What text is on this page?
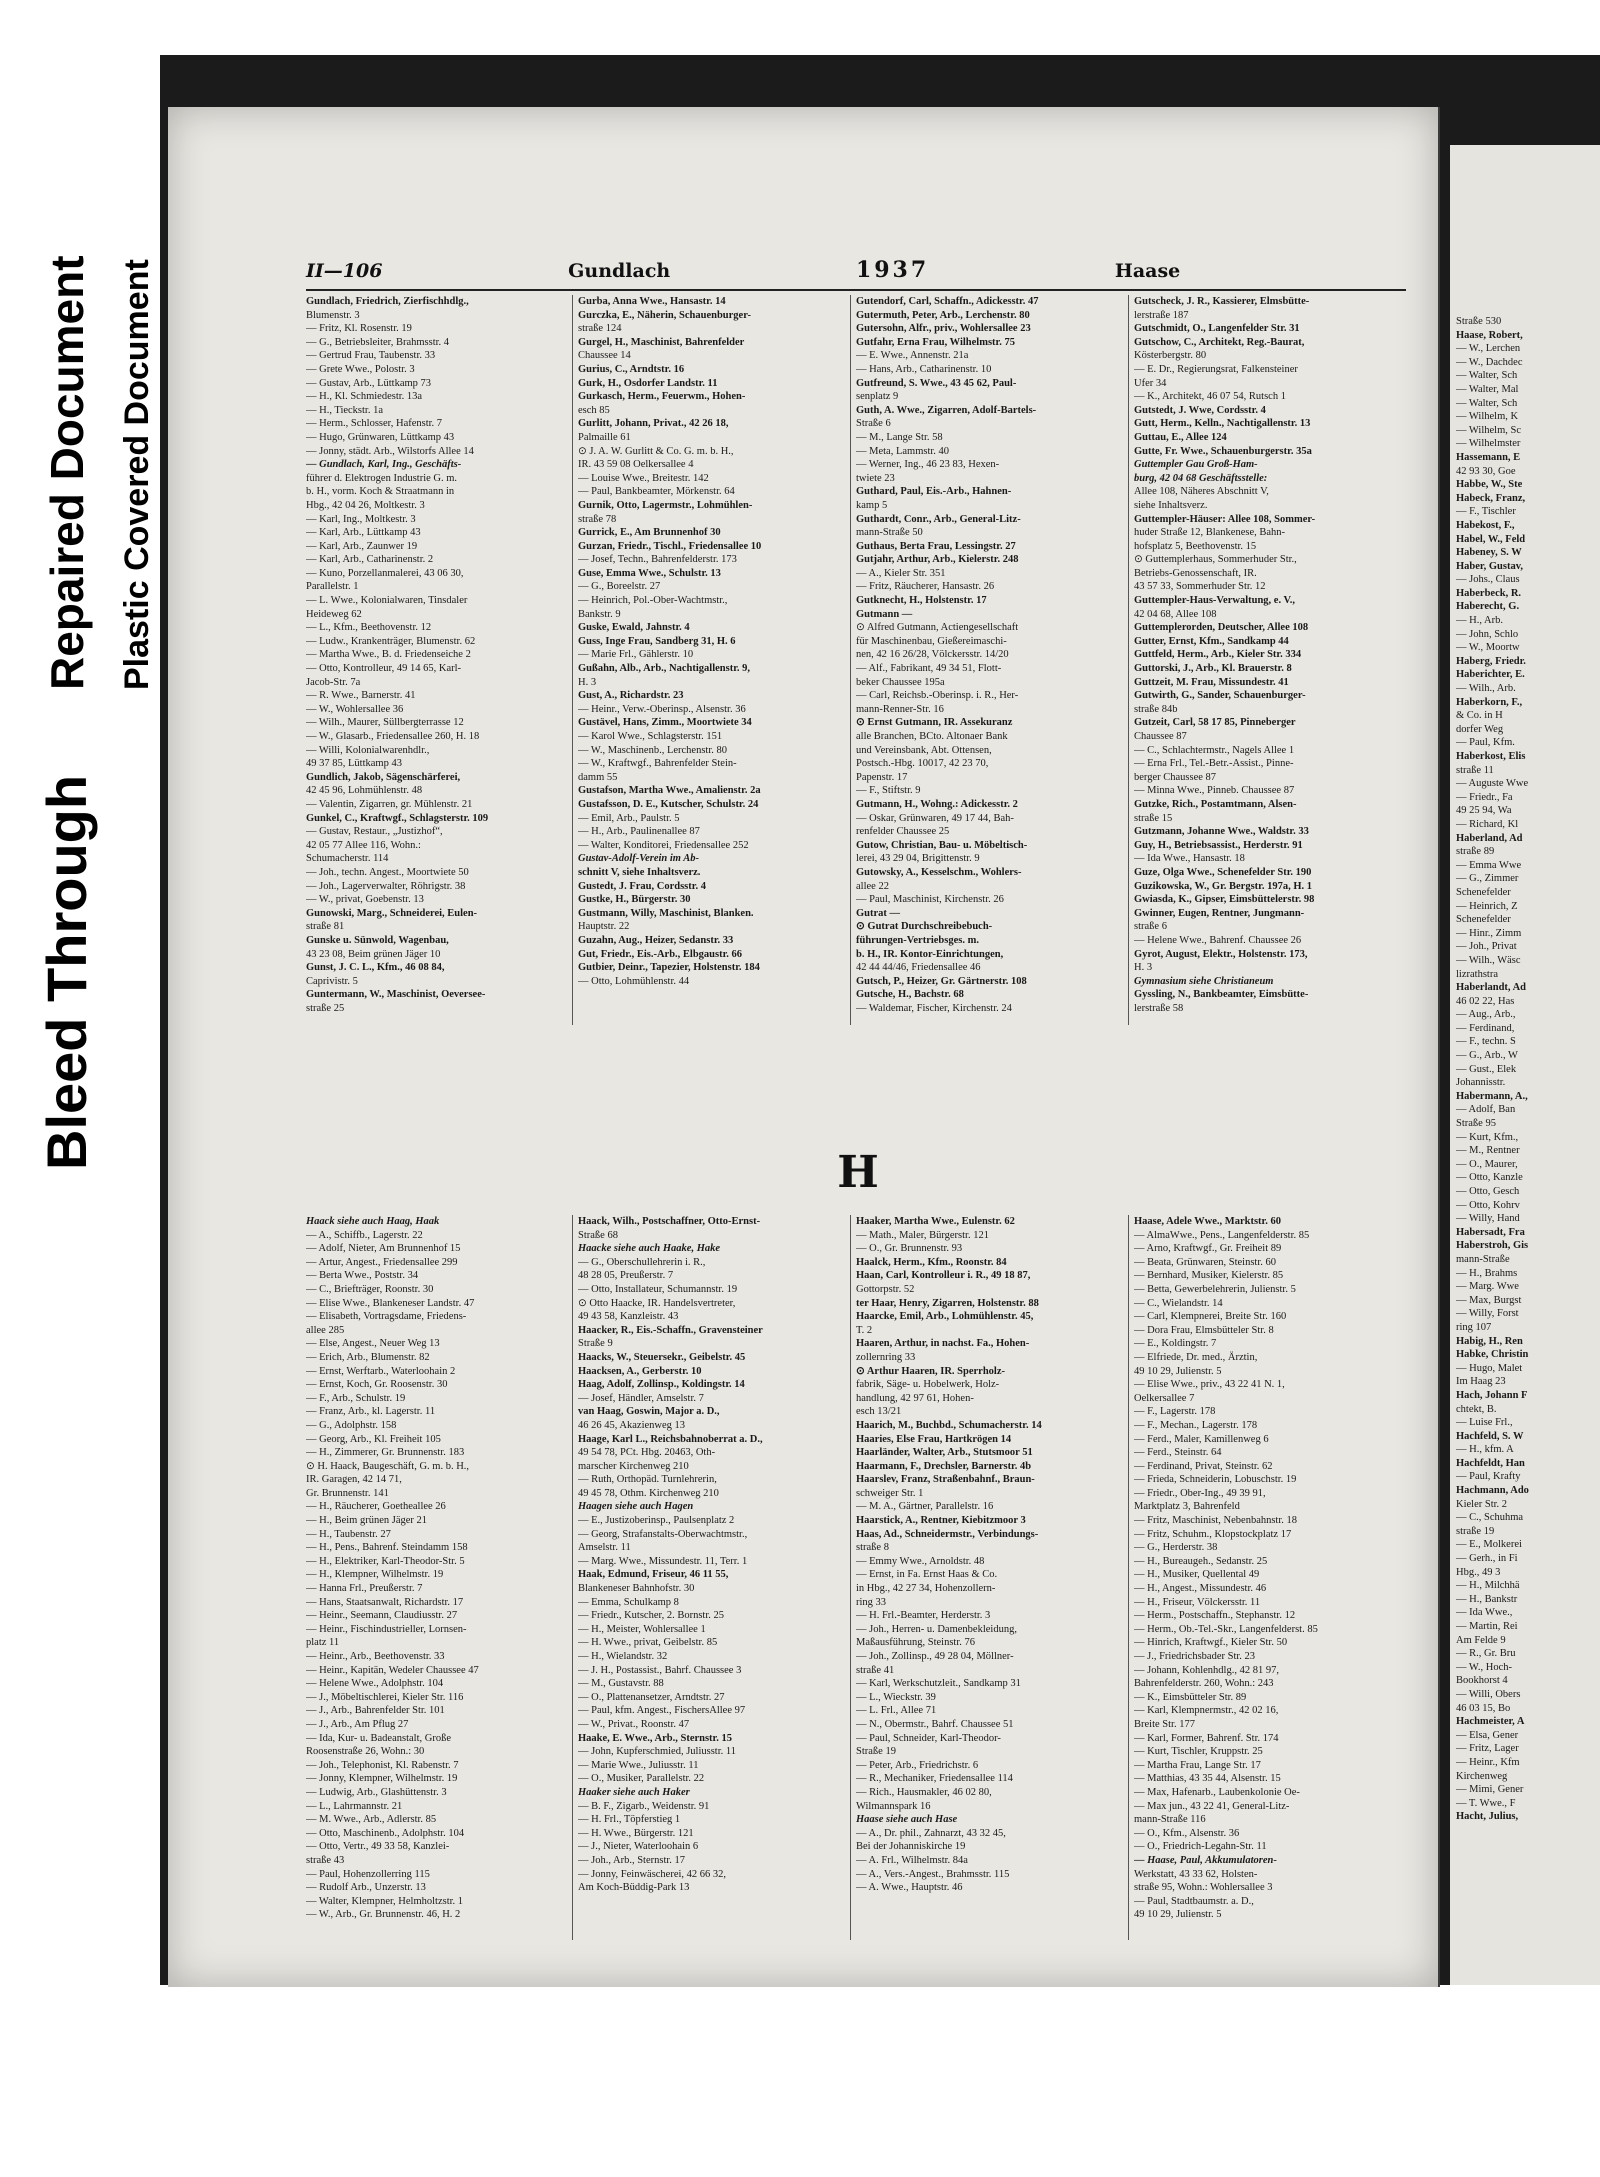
Bleed Through
Repaired Document Plastic Covered Document	II—106	Gundlach	1937	Haase
Gundlach, Friedrich, Zierfischhdlg.,
Blumenstr. 3
— Fritz, Kl. Rosenstr. 19
— G., Betriebsleiter, Brahmsstr. 4
— Gertrud Frau, Taubenstr. 33
— Grete Wwe., Polostr. 3
— Gustav, Arb., Lüttkamp 73
— H., Kl. Schmiedestr. 13a
— H., Tieckstr. 1a
— Herm., Schlosser, Hafenstr. 7
— Hugo, Grünwaren, Lüttkamp 43
— Jonny, städt. Arb., Wilstorfs Allee 14
— Gundlach, Karl, Ing., Geschäfts-
führer d. Elektrogen Industrie G. m.
b. H., vorm. Koch & Straatmann in
Hbg., 42 04 26, Moltkestr. 3
— Karl, Ing., Moltkestr. 3
— Karl, Arb., Lüttkamp 43
— Karl, Arb., Zaunwer 19
— Karl, Arb., Catharinenstr. 2
— Kuno, Porzellanmalerei, 43 06 30,
Parallelstr. 1
— L. Wwe., Kolonialwaren, Tinsdaler
Heideweg 62
— L., Kfm., Beethovenstr. 12
— Ludw., Krankenträger, Blumenstr. 62
— Martha Wwe., B. d. Friedenseiche 2
— Otto, Kontrolleur, 49 14 65, Karl-
Jacob-Str. 7a
— R. Wwe., Barnerstr. 41
— W., Wohlersallee 36
— Wilh., Maurer, Süllbergterrasse 12
— W., Glasarb., Friedensallee 260, H. 18
— Willi, Kolonialwarenhdlr.,
49 37 85, Lüttkamp 43
Gundlich, Jakob, Sägenschärferei,
42 45 96, Lohmühlenstr. 48
— Valentin, Zigarren, gr. Mühlenstr. 21
Gunkel, C., Kraftwgf., Schlagsterstr. 109
— Gustav, Restaur., „Justizhof“,
42 05 77 Allee 116, Wohn.:
Schumacherstr. 114
— Joh., techn. Angest., Moortwiete 50
— Joh., Lagerverwalter, Röhrigstr. 38
— W., privat, Goebenstr. 13
Gunowski, Marg., Schneiderei, Eulen-
straße 81
Gunske u. Sünwold, Wagenbau,
43 23 08, Beim grünen Jäger 10
Gunst, J. C. L., Kfm., 46 08 84,
Caprivistr. 5
Guntermann, W., Maschinist, Oeversee-
straße 25
Gurba, Anna Wwe., Hansastr. 14
Gurczka, E., Näherin, Schauenburger-
straße 124
Gurgel, H., Maschinist, Bahrenfelder
Chaussee 14
Gurius, C., Arndtstr. 16
Gurk, H., Osdorfer Landstr. 11
Gurkasch, Herm., Feuerwm., Hohen-
esch 85
Gurlitt, Johann, Privat., 42 26 18,
Palmaille 61
⊙ J. A. W. Gurlitt & Co. G. m. b. H.,
IR. 43 59 08 Oelkersallee 4
— Louise Wwe., Breitestr. 142
— Paul, Bankbeamter, Mörkenstr. 64
Gurnik, Otto, Lagermstr., Lohmühlen-
straße 78
Gurrick, E., Am Brunnenhof 30
Gurzan, Friedr., Tischl., Friedensallee 10
— Josef, Techn., Bahrenfelderstr. 173
Guse, Emma Wwe., Schulstr. 13
— G., Boreelstr. 27
— Heinrich, Pol.-Ober-Wachtmstr.,
Bankstr. 9
Guske, Ewald, Jahnstr. 4
Guss, Inge Frau, Sandberg 31, H. 6
— Marie Frl., Gählerstr. 10
Gußahn, Alb., Arb., Nachtigallenstr. 9,
H. 3
Gust, A., Richardstr. 23
— Heinr., Verw.-Oberinsp., Alsenstr. 36
Gustävel, Hans, Zimm., Moortwiete 34
— Karol Wwe., Schlagsterstr. 151
— W., Maschinenb., Lerchenstr. 80
— W., Kraftwgf., Bahrenfelder Stein-
damm 55
Gustafson, Martha Wwe., Amalienstr. 2a
Gustafsson, D. E., Kutscher, Schulstr. 24
— Emil, Arb., Paulstr. 5
— H., Arb., Paulinenallee 87
— Walter, Konditorei, Friedensallee 252
Gustav-Adolf-Verein im Ab-
schnitt V, siehe Inhaltsverz.
Gustedt, J. Frau, Cordsstr. 4
Gustke, H., Bürgerstr. 30
Gustmann, Willy, Maschinist, Blanken.
Hauptstr. 22
Guzahn, Aug., Heizer, Sedanstr. 33
Gut, Friedr., Eis.-Arb., Elbgaustr. 66
Gutbier, Deinr., Tapezier, Holstenstr. 184
— Otto, Lohmühlenstr. 44
Gutendorf, Carl, Schaffn., Adickesstr. 47
Gutermuth, Peter, Arb., Lerchenstr. 80
Gutersohn, Alfr., priv., Wohlersallee 23
Gutfahr, Erna Frau, Wilhelmstr. 75
— E. Wwe., Annenstr. 21a
— Hans, Arb., Catharinenstr. 10
Gutfreund, S. Wwe., 43 45 62, Paul-
senplatz 9
Guth, A. Wwe., Zigarren, Adolf-Bartels-
Straße 6
— M., Lange Str. 58
— Meta, Lammstr. 40
— Werner, Ing., 46 23 83, Hexen-
twiete 23
Guthard, Paul, Eis.-Arb., Hahnen-
kamp 5
Guthardt, Conr., Arb., General-Litz-
mann-Straße 50
Guthaus, Berta Frau, Lessingstr. 27
Gutjahr, Arthur, Arb., Kielerstr. 248
— A., Kieler Str. 351
— Fritz, Räucherer, Hansastr. 26
Gutknecht, H., Holstenstr. 17
Gutmann —
⊙ Alfred Gutmann, Actiengesellschaft
für Maschinenbau, Gießereimaschi-
nen, 42 16 26/28, Völckersstr. 14/20
— Alf., Fabrikant, 49 34 51, Flott-
beker Chaussee 195a
— Carl, Reichsb.-Oberinsp. i. R., Her-
mann-Renner-Str. 16
⊙ Ernst Gutmann, IR. Assekuranz
alle Branchen, BCto. Altonaer Bank
und Vereinsbank, Abt. Ottensen,
Postsch.-Hbg. 10017, 42 23 70,
Papenstr. 17
— F., Stiftstr. 9
Gutmann, H., Wohng.: Adickesstr. 2
— Oskar, Grünwaren, 49 17 44, Bah-
renfelder Chaussee 25
Gutow, Christian, Bau- u. Möbeltisch-
lerei, 43 29 04, Brigittenstr. 9
Gutowsky, A., Kesselschm., Wohlers-
allee 22
— Paul, Maschinist, Kirchenstr. 26
Gutrat —
⊙ Gutrat Durchschreibebuch-
führungen-Vertriebsges. m.
b. H., IR. Kontor-Einrichtungen,
42 44 44/46, Friedensallee 46
Gutsch, P., Heizer, Gr. Gärtnerstr. 108
Gutsche, H., Bachstr. 68
— Waldemar, Fischer, Kirchenstr. 24
Gutscheck, J. R., Kassierer, Elmsbütte-
lerstraße 187
Gutschmidt, O., Langenfelder Str. 31
Gutschow, C., Architekt, Reg.-Baurat,
Kösterbergstr. 80
— E. Dr., Regierungsrat, Falkensteiner
Ufer 34
— K., Architekt, 46 07 54, Rutsch 1
Gutstedt, J. Wwe, Cordsstr. 4
Gutt, Herm., Kelln., Nachtigallenstr. 13
Guttau, E., Allee 124
Gutte, Fr. Wwe., Schauenburgerstr. 35a
Guttempler Gau Groß-Ham-
burg, 42 04 68 Geschäftsstelle:
Allee 108, Näheres Abschnitt V,
siehe Inhaltsverz.
Guttempler-Häuser: Allee 108, Sommer-
huder Straße 12, Blankenese, Bahn-
hofsplatz 5, Beethovenstr. 15
⊙ Guttemplerhaus, Sommerhuder Str.,
Betriebs-Genossenschaft, IR.
43 57 33, Sommerhuder Str. 12
Guttempler-Haus-Verwaltung, e. V.,
42 04 68, Allee 108
Guttemplerorden, Deutscher, Allee 108
Gutter, Ernst, Kfm., Sandkamp 44
Guttfeld, Herm., Arb., Kieler Str. 334
Guttorski, J., Arb., Kl. Brauerstr. 8
Guttzeit, M. Frau, Missundestr. 41
Gutwirth, G., Sander, Schauenburger-
straße 84b
Gutzeit, Carl, 58 17 85, Pinneberger
Chaussee 87
— C., Schlachtermstr., Nagels Allee 1
— Erna Frl., Tel.-Betr.-Assist., Pinne-
berger Chaussee 87
— Minna Wwe., Pinneb. Chaussee 87
Gutzke, Rich., Postamtmann, Alsen-
straße 15
Gutzmann, Johanne Wwe., Waldstr. 33
Guy, H., Betriebsassist., Herderstr. 91
— Ida Wwe., Hansastr. 18
Guze, Olga Wwe., Schenefelder Str. 190
Guzikowska, W., Gr. Bergstr. 197a, H. 1
Gwiasda, K., Gipser, Eimsbüttelerstr. 98
Gwinner, Eugen, Rentner, Jungmann-
straße 6
— Helene Wwe., Bahrenf. Chaussee 26
Gyrot, August, Elektr., Holstenstr. 173,
H. 3
Gymnasium siehe Christianeum
Gyssling, N., Bankbeamter, Eimsbütte-
lerstraße 58
H
Haack siehe auch Haag, Haak
— A., Schiffb., Lagerstr. 22
— Adolf, Nieter, Am Brunnenhof 15
— Artur, Angest., Friedensallee 299
— Berta Wwe., Poststr. 34
— C., Briefträger, Roonstr. 30
— Elise Wwe., Blankeneser Landstr. 47
— Elisabeth, Vortragsdame, Friedens-
allee 285
— Else, Angest., Neuer Weg 13
— Erich, Arb., Blumenstr. 82
— Ernst, Werftarb., Waterloohain 2
— Ernst, Koch, Gr. Roosenstr. 30
— F., Arb., Schulstr. 19
— Franz, Arb., kl. Lagerstr. 11
— G., Adolphstr. 158
— Georg, Arb., Kl. Freiheit 105
— H., Zimmerer, Gr. Brunnenstr. 183
⊙ H. Haack, Baugeschäft, G. m. b. H.,
IR. Garagen, 42 14 71,
Gr. Brunnenstr. 141
— H., Räucherer, Goetheallee 26
— H., Beim grünen Jäger 21
— H., Taubenstr. 27
— H., Pens., Bahrenf. Steindamm 158
— H., Elektriker, Karl-Theodor-Str. 5
— H., Klempner, Wilhelmstr. 19
— Hanna Frl., Preußerstr. 7
— Hans, Staatsanwalt, Richardstr. 17
— Heinr., Seemann, Claudiusstr. 27
— Heinr., Fischindustrieller, Lornsen-
platz 11
— Heinr., Arb., Beethovenstr. 33
— Heinr., Kapitän, Wedeler Chaussee 47
— Helene Wwe., Adolphstr. 104
— J., Möbeltischlerei, Kieler Str. 116
— J., Arb., Bahrenfelder Str. 101
— J., Arb., Am Pflug 27
— Ida, Kur- u. Badeanstalt, Große
Roosenstraße 26, Wohn.: 30
— Joh., Telephonist, Kl. Rabenstr. 7
— Jonny, Klempner, Wilhelmstr. 19
— Ludwig, Arb., Glashüttenstr. 3
— L., Lahrmannstr. 21
— M. Wwe., Arb., Adlerstr. 85
— Otto, Maschinenb., Adolphstr. 104
— Otto, Vertr., 49 33 58, Kanzlei-
straße 43
— Paul, Hohenzollerring 115
— Rudolf Arb., Unzerstr. 13
— Walter, Klempner, Helmholtzstr. 1
— W., Arb., Gr. Brunnenstr. 46, H. 2
Haack, Wilh., Postschaffner, Otto-Ernst-
Straße 68
Haacke siehe auch Haake, Hake
— G., Oberschullehrerin i. R.,
48 28 05, Preußerstr. 7
— Otto, Installateur, Schumannstr. 19
⊙ Otto Haacke, IR. Handelsvertreter,
49 43 58, Kanzleistr. 43
Haacker, R., Eis.-Schaffn., Gravensteiner
Straße 9
Haacks, W., Steuersekr., Geibelstr. 45
Haacksen, A., Gerberstr. 10
Haag, Adolf, Zollinsp., Koldingstr. 14
— Josef, Händler, Amselstr. 7
van Haag, Goswin, Major a. D.,
46 26 45, Akazienweg 13
Haage, Karl L., Reichsbahnoberrat a. D.,
49 54 78, PCt. Hbg. 20463, Oth-
marscher Kirchenweg 210
— Ruth, Orthopäd. Turnlehrerin,
49 45 78, Othm. Kirchenweg 210
Haagen siehe auch Hagen
— E., Justizoberinsp., Paulsenplatz 2
— Georg, Strafanstalts-Oberwachtmstr.,
Amselstr. 11
— Marg. Wwe., Missundestr. 11, Terr. 1
Haak, Edmund, Friseur, 46 11 55,
Blankeneser Bahnhofstr. 30
— Emma, Schulkamp 8
— Friedr., Kutscher, 2. Bornstr. 25
— H., Meister, Wohlersallee 1
— H. Wwe., privat, Geibelstr. 85
— H., Wielandstr. 32
— J. H., Postassist., Bahrf. Chaussee 3
— M., Gustavstr. 88
— O., Plattenansetzer, Arndtstr. 27
— Paul, kfm. Angest., FischersAllee 97
— W., Privat., Roonstr. 47
Haake, E. Wwe., Arb., Sternstr. 15
— John, Kupferschmied, Juliusstr. 11
— Marie Wwe., Juliusstr. 11
— O., Musiker, Parallelstr. 22
Haaker siehe auch Haker
— B. F., Zigarb., Weidenstr. 91
— H. Frl., Töpferstieg 1
— H. Wwe., Bürgerstr. 121
— J., Nieter, Waterloohain 6
— Joh., Arb., Sternstr. 17
— Jonny, Feinwäscherei, 42 66 32,
Am Koch-Büddig-Park 13
Haaker, Martha Wwe., Eulenstr. 62
— Math., Maler, Bürgerstr. 121
— O., Gr. Brunnenstr. 93
Haalck, Herm., Kfm., Roonstr. 84
Haan, Carl, Kontrolleur i. R., 49 18 87,
Gottorpstr. 52
ter Haar, Henry, Zigarren, Holstenstr. 88
Haarcke, Emil, Arb., Lohmühlenstr. 45,
T. 2
Haaren, Arthur, in nachst. Fa., Hohen-
zollernring 33
⊙ Arthur Haaren, IR. Sperrholz-
fabrik, Säge- u. Hobelwerk, Holz-
handlung, 42 97 61, Hohen-
esch 13/21
Haarich, M., Buchbd., Schumacherstr. 14
Haaries, Else Frau, Hartkrögen 14
Haarländer, Walter, Arb., Stutsmoor 51
Haarmann, F., Drechsler, Barnerstr. 4b
Haarslev, Franz, Straßenbahnf., Braun-
schweiger Str. 1
— M. A., Gärtner, Parallelstr. 16
Haarstick, A., Rentner, Kiebitzmoor 3
Haas, Ad., Schneidermstr., Verbindungs-
straße 8
— Emmy Wwe., Arnoldstr. 48
— Ernst, in Fa. Ernst Haas & Co.
in Hbg., 42 27 34, Hohenzollern-
ring 33
— H. Frl.-Beamter, Herderstr. 3
— Joh., Herren- u. Damenbekleidung,
Maßausführung, Steinstr. 76
— Joh., Zollinsp., 49 28 04, Möllner-
straße 41
— Karl, Werkschutzleit., Sandkamp 31
— L., Wieckstr. 39
— L. Frl., Allee 71
— N., Obermstr., Bahrf. Chaussee 51
— Paul, Schneider, Karl-Theodor-
Straße 19
— Peter, Arb., Friedrichstr. 6
— R., Mechaniker, Friedensallee 114
— Rich., Hausmakler, 46 02 80,
Wilmannspark 16
Haase siehe auch Hase
— A., Dr. phil., Zahnarzt, 43 32 45,
Bei der Johanniskirche 19
— A. Frl., Wilhelmstr. 84a
— A., Vers.-Angest., Brahmsstr. 115
— A. Wwe., Hauptstr. 46
Haase, Adele Wwe., Marktstr. 60
— AlmaWwe., Pens., Langenfelderstr. 85
— Arno, Kraftwgf., Gr. Freiheit 89
— Beata, Grünwaren, Steinstr. 60
— Bernhard, Musiker, Kielerstr. 85
— Betta, Gewerbelehrerin, Julienstr. 5
— C., Wielandstr. 14
— Carl, Klempnerei, Breite Str. 160
— Dora Frau, Elmsbütteler Str. 8
— E., Koldingstr. 7
— Elfriede, Dr. med., Ärztin,
49 10 29, Julienstr. 5
— Elise Wwe., priv., 43 22 41 N. 1,
Oelkersallee 7
— F., Lagerstr. 178
— F., Mechan., Lagerstr. 178
— Ferd., Maler, Kamillenweg 6
— Ferd., Steinstr. 64
— Ferdinand, Privat, Steinstr. 62
— Frieda, Schneiderin, Lobuschstr. 19
— Friedr., Ober-Ing., 49 39 91,
Marktplatz 3, Bahrenfeld
— Fritz, Maschinist, Nebenbahnstr. 18
— Fritz, Schuhm., Klopstockplatz 17
— G., Herderstr. 38
— H., Bureaugeh., Sedanstr. 25
— H., Musiker, Quellental 49
— H., Angest., Missundestr. 46
— H., Friseur, Völckersstr. 11
— Herm., Postschaffn., Stephanstr. 12
— Herm., Ob.-Tel.-Skr., Langenfelderst. 85
— Hinrich, Kraftwgf., Kieler Str. 50
— J., Friedrichsbader Str. 23
— Johann, Kohlenhdlg., 42 81 97,
Bahrenfelderstr. 260, Wohn.: 243
— K., Eimsbütteler Str. 89
— Karl, Klempnermstr., 42 02 16,
Breite Str. 177
— Karl, Former, Bahrenf. Str. 174
— Kurt, Tischler, Kruppstr. 25
— Martha Frau, Lange Str. 17
— Matthias, 43 35 44, Alsenstr. 15
— Max, Hafenarb., Laubenkolonie Oe-
— Max jun., 43 22 41, General-Litz-
mann-Straße 116
— O., Kfm., Alsenstr. 36
— O., Friedrich-Legahn-Str. 11
— Haase, Paul, Akkumulatoren-
Werkstatt, 43 33 62, Holsten-
straße 95, Wohn.: Wohlersallee 3
— Paul, Stadtbaumstr. a. D.,
49 10 29, Julienstr. 5
Straße 530
Haase, Robert,
— W., Lerchen
— W., Dachdec
— Walter, Sch
— Walter, Mal
— Walter, Sch
— Wilhelm, K
— Wilhelm, Sc
— Wilhelmster
Hassemann, E
42 93 30, Goe
Habbe, W., Ste
Habeck, Franz,
— F., Tischler
Habekost, F.,
Habel, W., Feld
Habeney, S. W
Haber, Gustav,
— Johs., Claus
Haberbeck, R.
Haberecht, G.
— H., Arb.
— John, Schlo
— W., Moortw
Haberg, Friedr.
Haberichter, E.
— Wilh., Arb.
Haberkorn, F.,
& Co. in H
dorfer Weg
— Paul, Kfm.
Haberkost, Elis
straße 11
— Auguste Wwe
— Friedr., Fa
49 25 94, Wa
— Richard, Kl
Haberland, Ad
straße 89
— Emma Wwe
— G., Zimmer
Schenefelder
— Heinrich, Z
Schenefelder
— Hinr., Zimm
— Joh., Privat
— Wilh., Wäsc
lizrathstra
Haberlandt, Ad
46 02 22, Has
— Aug., Arb.,
— Ferdinand,
— F., techn. S
— G., Arb., W
— Gust., Elek
Johannisstr.
Habermann, A.,
— Adolf, Ban
Straße 95
— Kurt, Kfm.,
— M., Rentner
— O., Maurer,
— Otto, Kanzle
— Otto, Gesch
— Otto, Kohrv
— Willy, Hand
Habersadt, Fra
Haberstroh, Gis
mann-Straße
— H., Brahms
— Marg. Wwe
— Max, Burgst
— Willy, Forst
ring 107
Habig, H., Ren
Habke, Christin
— Hugo, Malet
Im Haag 23
Hach, Johann F
chtekt, B.
— Luise Frl.,
Hachfeld, S. W
— H., kfm. A
Hachfeldt, Han
— Paul, Krafty
Hachmann, Ado
Kieler Str. 2
— C., Schuhma
straße 19
— E., Molkerei
— Gerh., in Fi
Hbg., 49 3
— H., Milchhä
— H., Bankstr
— Ida Wwe.,
— Martin, Rei
Am Felde 9
— R., Gr. Bru
— W., Hoch-
Bookhorst 4
— Willi, Obers
46 03 15, Bo
Hachmeister, A
— Elsa, Gener
— Fritz, Lager
— Heinr., Kfm
Kirchenweg
— Mimi, Gener
— T. Wwe., F
Hacht, Julius,
